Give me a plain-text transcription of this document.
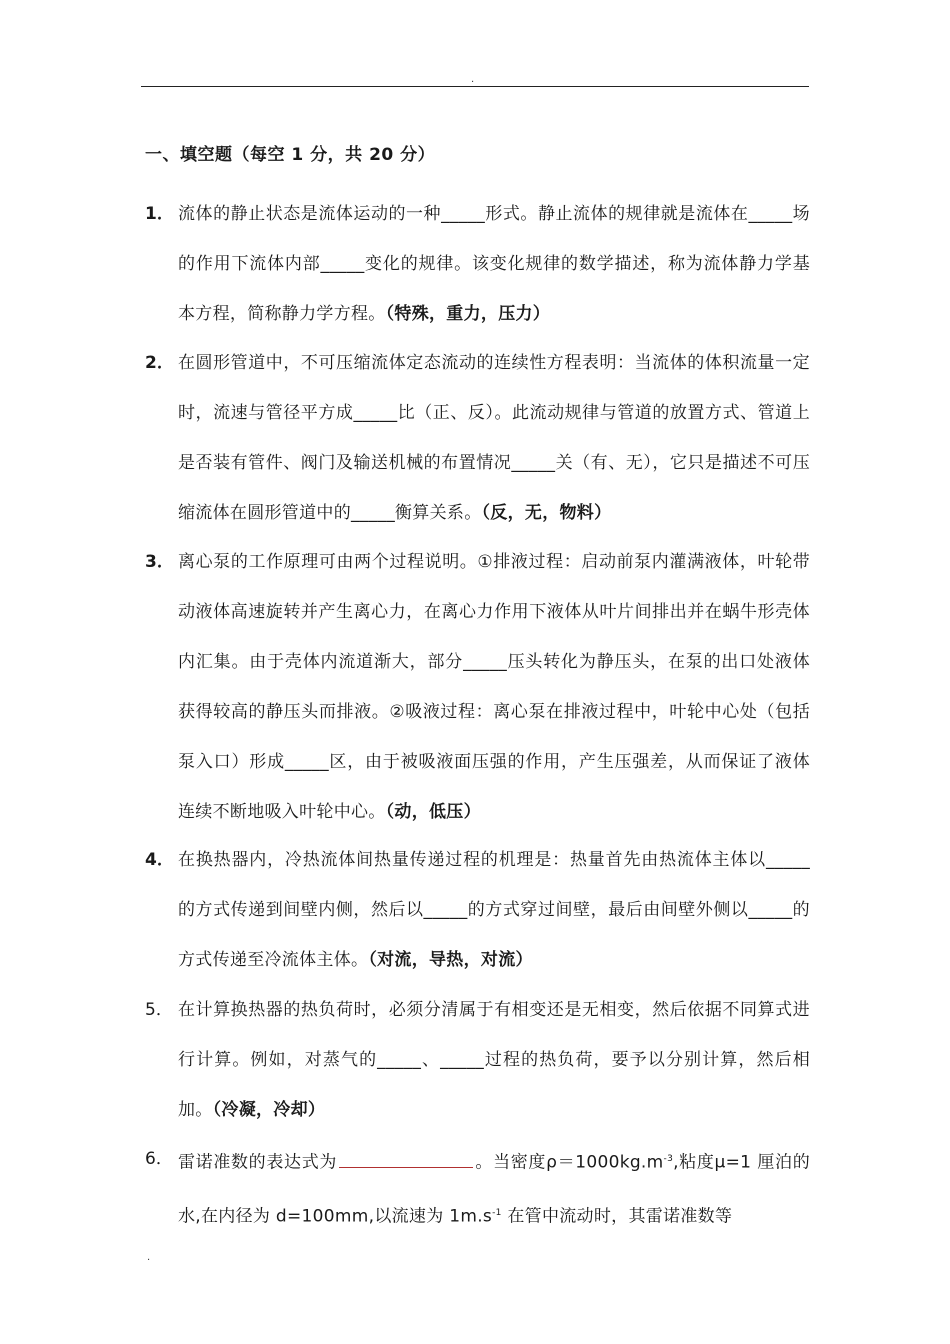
.
一、填空题（每空 1 分，共 20 分）
1． 流体的静止状态是流体运动的一种_____形式。静止流体的规律就是流体在_____场的作用下流体内部_____变化的规律。该变化规律的数学描述，称为流体静力学基本方程，简称静力学方程。（特殊，重力，压力）
2． 在圆形管道中，不可压缩流体定态流动的连续性方程表明：当流体的体积流量一定时，流速与管径平方成_____比（正、反）。此流动规律与管道的放置方式、管道上是否装有管件、阀门及输送机械的布置情况_____关（有、无），它只是描述不可压缩流体在圆形管道中的_____衡算关系。（反，无，物料）
3． 离心泵的工作原理可由两个过程说明。①排液过程：启动前泵内灌满液体，叶轮带动液体高速旋转并产生离心力，在离心力作用下液体从叶片间排出并在蜗牛形壳体内汇集。由于壳体内流道渐大，部分_____压头转化为静压头，在泵的出口处液体获得较高的静压头而排液。②吸液过程：离心泵在排液过程中，叶轮中心处（包括泵入口）形成_____区，由于被吸液面压强的作用，产生压强差，从而保证了液体连续不断地吸入叶轮中心。（动，低压）
4． 在换热器内，冷热流体间热量传递过程的机理是：热量首先由热流体主体以_____的方式传递到间壁内侧，然后以_____的方式穿过间壁，最后由间壁外侧以_____的方式传递至冷流体主体。（对流，导热，对流）
5． 在计算换热器的热负荷时，必须分清属于有相变还是无相变，然后依据不同算式进行计算。例如，对蒸气的_____、_____过程的热负荷，要予以分别计算，然后相加。（冷凝，冷却）
6． 雷诺准数的表达式为	。当密度$\rho=1000kg.m^{-3}$,粘度μ=1 厘泊的水,在内径为 d=100mm,以流速为 $1m.s^{-1}$ 在管中流动时，其雷诺准数等
.
